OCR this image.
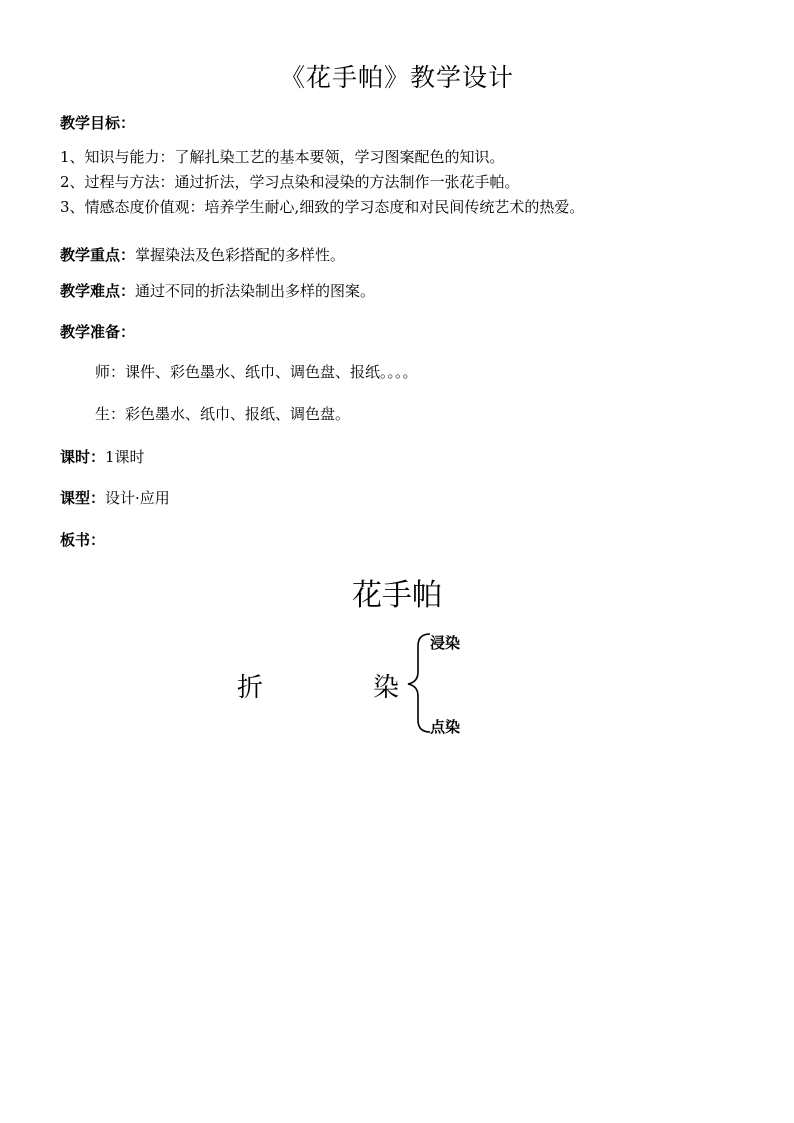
《花手帕》教学设计
教学目标：
1、知识与能力：了解扎染工艺的基本要领，学习图案配色的知识。
2、过程与方法：通过折法，学习点染和浸染的方法制作一张花手帕。
3、情感态度价值观：培养学生耐心,细致的学习态度和对民间传统艺术的热爱。
教学重点：掌握染法及色彩搭配的多样性。
教学难点：通过不同的折法染制出多样的图案。
教学准备：
师：课件、彩色墨水、纸巾、调色盘、报纸。。。。
生：彩色墨水、纸巾、报纸、调色盘。
课时：1课时
课型：设计·应用
板书：
花手帕
折	染
浸染
点染
